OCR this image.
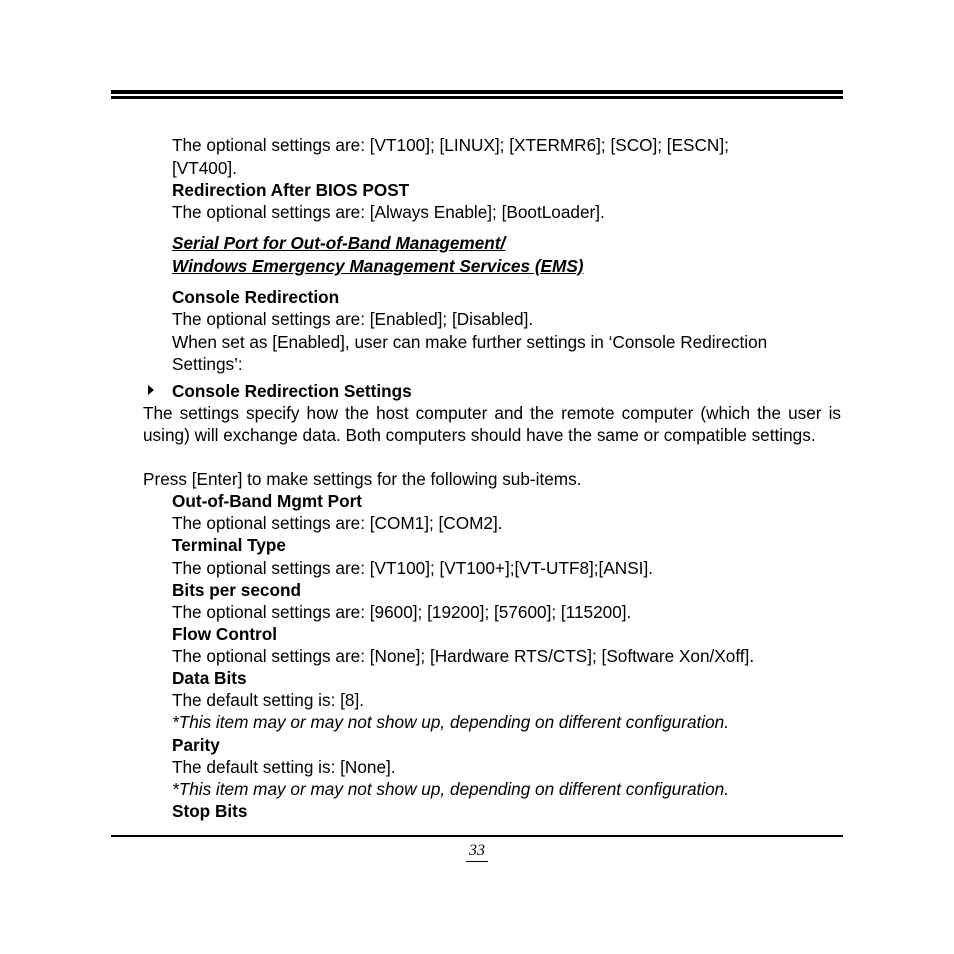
The optional settings are: [VT100]; [LINUX]; [XTERMR6]; [SCO]; [ESCN];

[VT400].

Redirection After BIOS POST

The optional settings are: [Always Enable]; [BootLoader].

Serial Port for Out-of-Band Management/

Windows Emergency Management Services (EMS)

Console Redirection

The optional settings are: [Enabled]; [Disabled].

When set as [Enabled], user can make further settings in ‘Console Redirection Settings’:

Console Redirection Settings

The settings specify how the host computer and the remote computer (which the user is using) will exchange data. Both computers should have the same or compatible settings.

Press [Enter] to make settings for the following sub-items.

Out-of-Band Mgmt Port

The optional settings are: [COM1]; [COM2].

Terminal Type

The optional settings are: [VT100]; [VT100+];[VT-UTF8];[ANSI].

Bits per second

The optional settings are: [9600]; [19200]; [57600]; [115200].

Flow Control

The optional settings are: [None]; [Hardware RTS/CTS]; [Software Xon/Xoff].

Data Bits

The default setting is: [8].

*This item may or may not show up, depending on different configuration.

Parity

The default setting is: [None].

*This item may or may not show up, depending on different configuration.

Stop Bits

33
